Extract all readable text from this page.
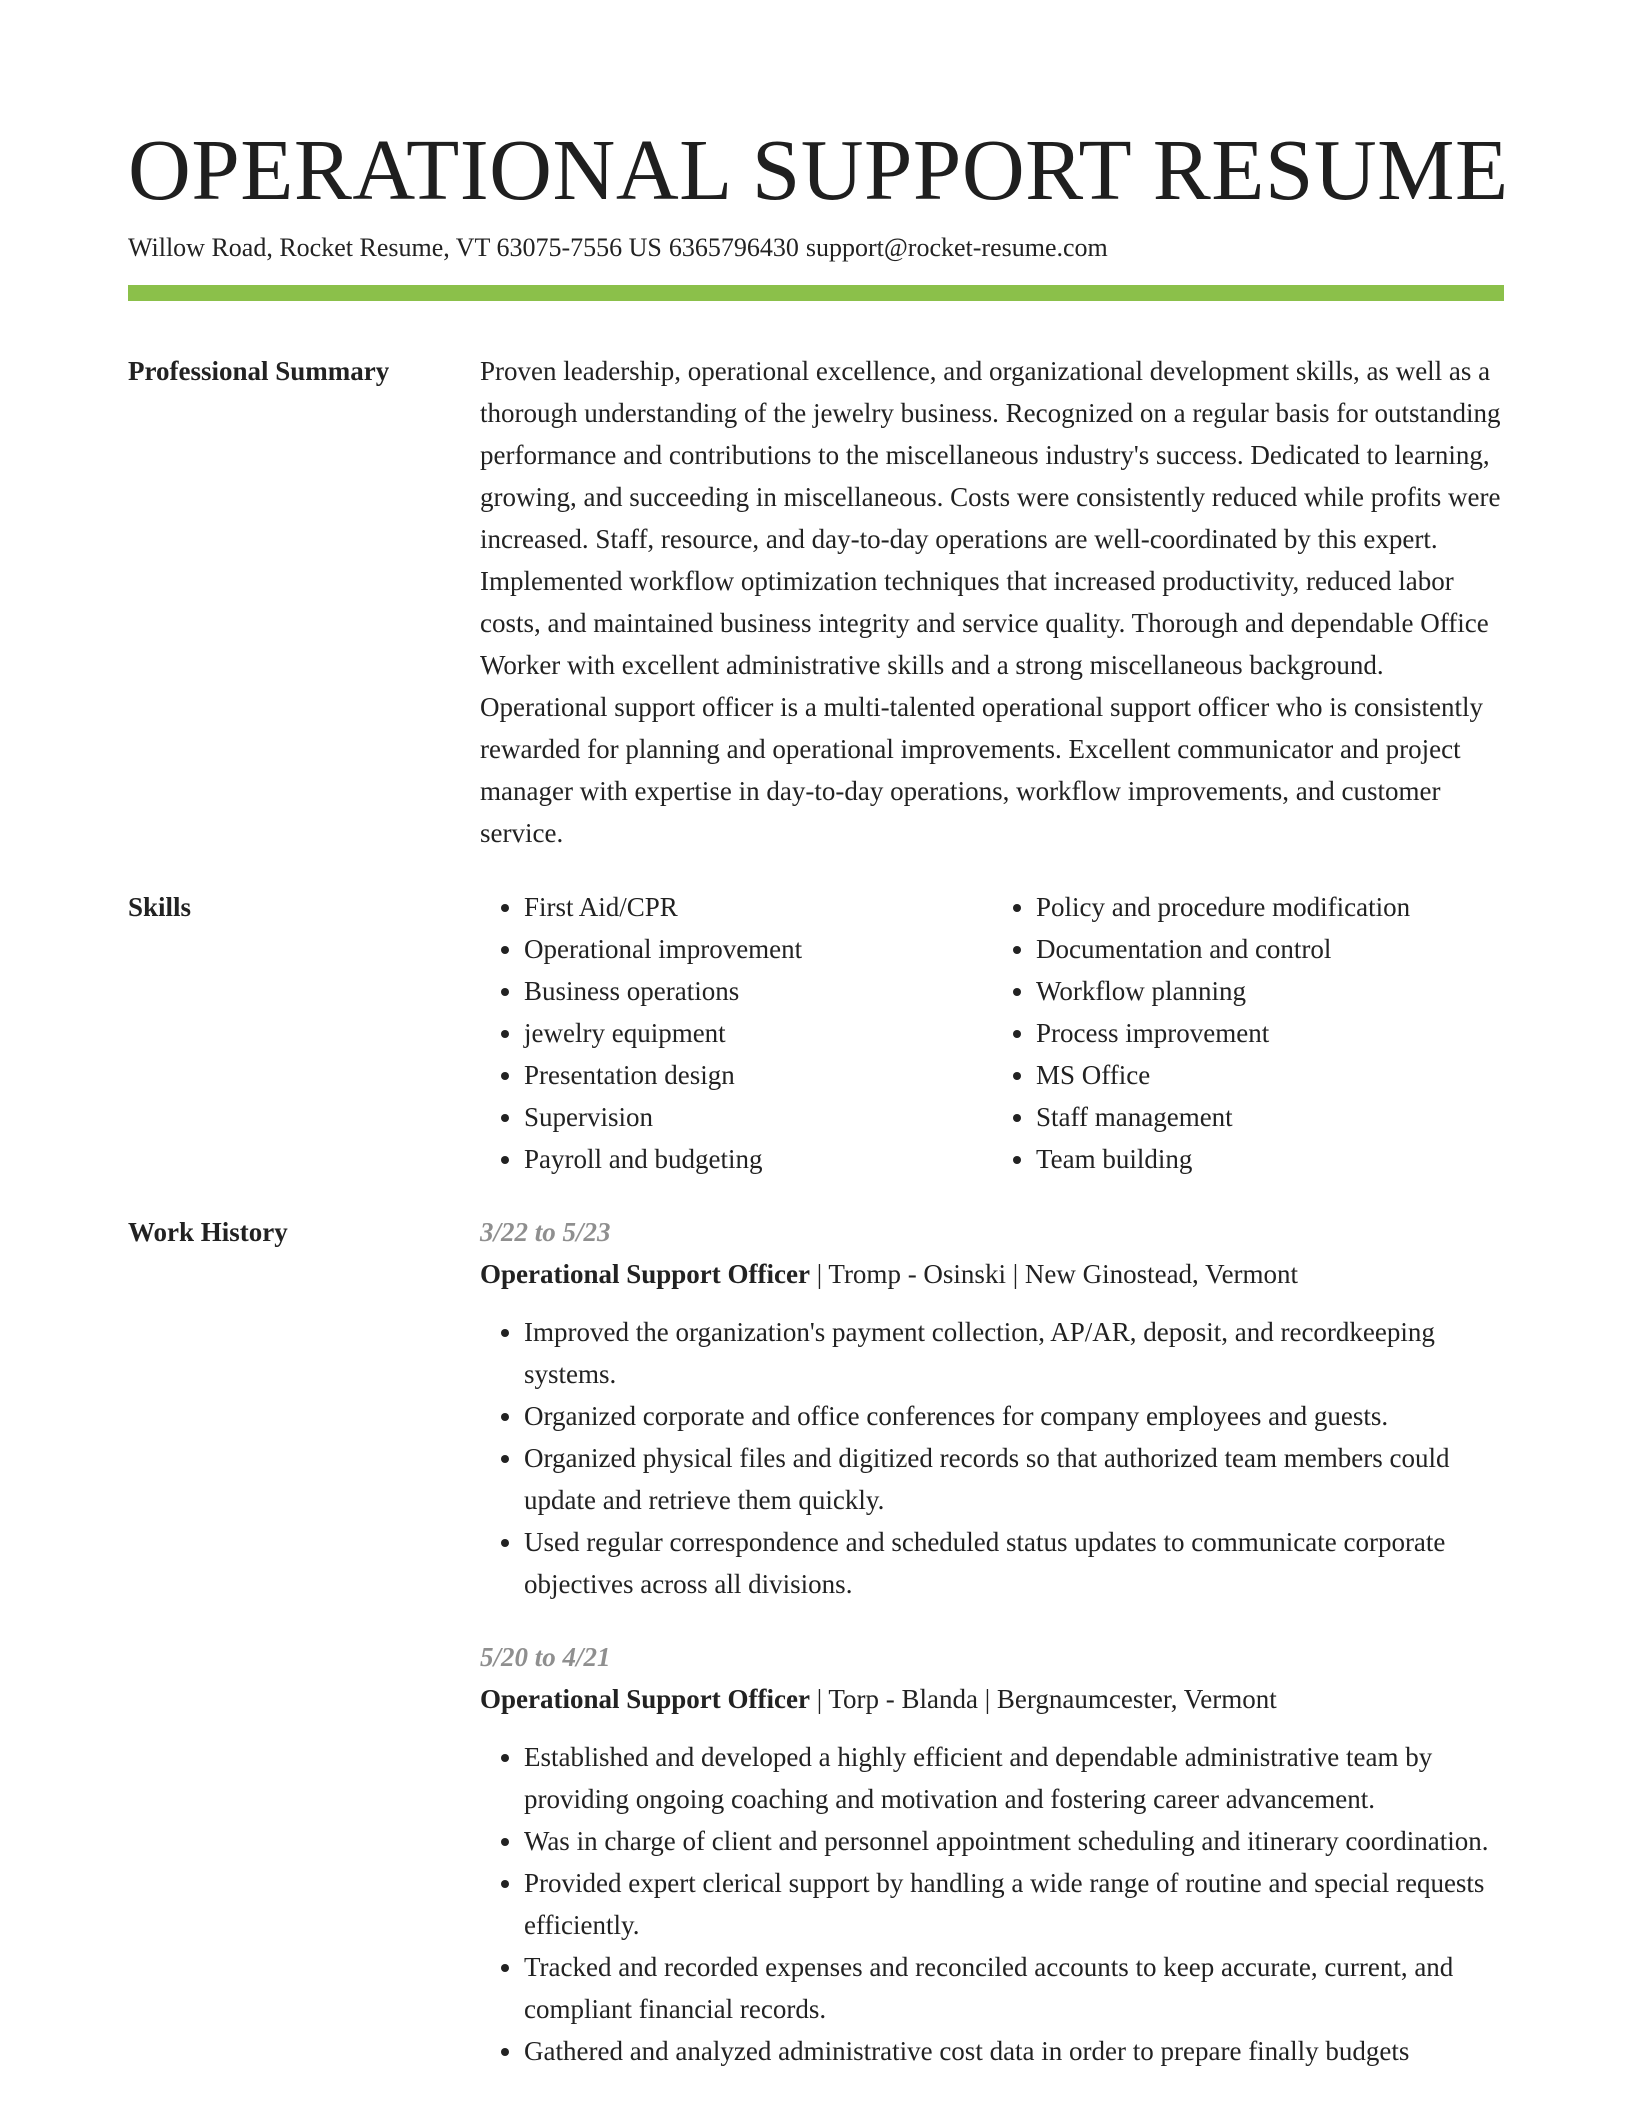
OPERATIONAL SUPPORT RESUME
Willow Road, Rocket Resume, VT 63075-7556 US 6365796430 support@rocket-resume.com
Professional Summary	Proven leadership, operational excellence, and organizational development skills, as well as a thorough understanding of the jewelry business. Recognized on a regular basis for outstanding performance and contributions to the miscellaneous industry's success. Dedicated to learning, growing, and succeeding in miscellaneous. Costs were consistently reduced while profits were increased. Staff, resource, and day-to-day operations are well-coordinated by this expert. Implemented workflow optimization techniques that increased productivity, reduced labor costs, and maintained business integrity and service quality. Thorough and dependable Office Worker with excellent administrative skills and a strong miscellaneous background. Operational support officer is a multi-talented operational support officer who is consistently rewarded for planning and operational improvements. Excellent communicator and project manager with expertise in day-to-day operations, workflow improvements, and customer service.

Skills
•	First Aid/CPR
• Operational improvement
• Business operations
• jewelry equipment
• Presentation design
• Supervision
• Payroll and budgeting
• Policy and procedure modification
• Documentation and control
• Workflow planning
• Process improvement
• MS Office
• Staff management
• Team building
Work History	3/22 to 5/23
Operational Support Officer | Tromp - Osinski | New Ginostead, Vermont
• Improved the organization's payment collection, AP/AR, deposit, and recordkeeping systems.
• Organized corporate and office conferences for company employees and guests.
• Organized physical files and digitized records so that authorized team members could update and retrieve them quickly.
• Used regular correspondence and scheduled status updates to communicate corporate objectives across all divisions.
5/20 to 4/21
Operational Support Officer | Torp - Blanda | Bergnaumcester, Vermont
• Established and developed a highly efficient and dependable administrative team by providing ongoing coaching and motivation and fostering career advancement.
• Was in charge of client and personnel appointment scheduling and itinerary coordination.
• Provided expert clerical support by handling a wide range of routine and special requests efficiently.
• Tracked and recorded expenses and reconciled accounts to keep accurate, current, and compliant financial records.
• Gathered and analyzed administrative cost data in order to prepare finally budgets
